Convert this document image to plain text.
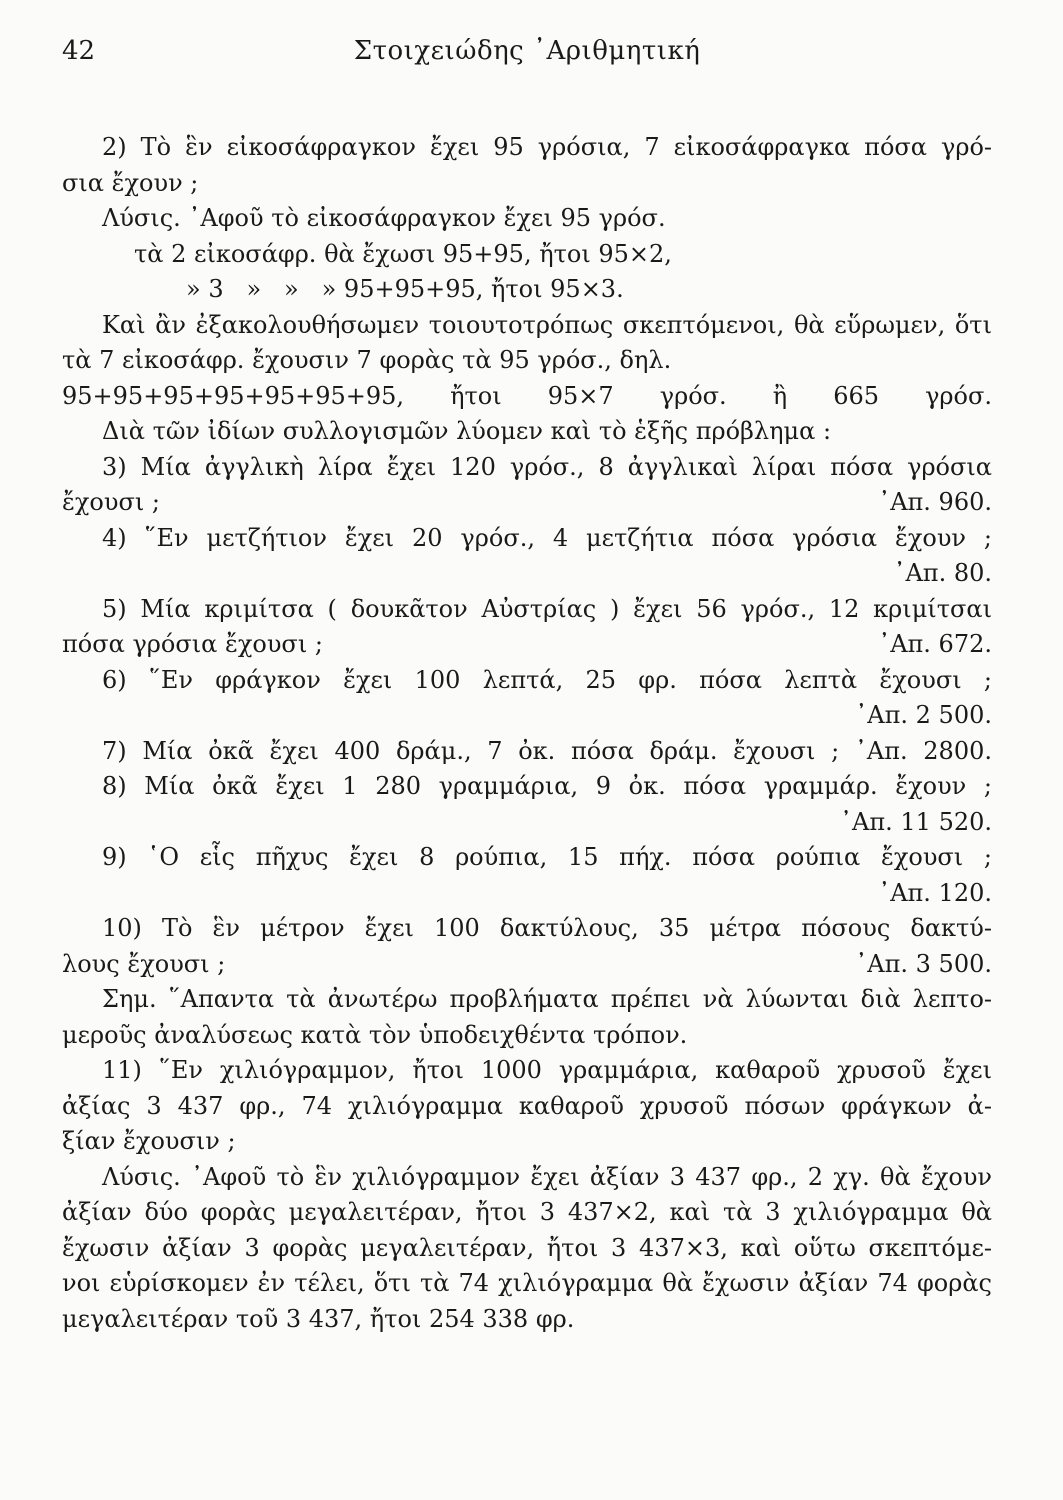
42	Στοιχειώδης ᾿Αριθμητική
2) Τὸ ἓν εἰκοσάφραγκον ἔχει 95 γρόσια, 7 εἰκοσάφραγκα πόσα γρό-
σια ἔχουν ;
Λύσις. ᾿Αφοῦ τὸ εἰκοσάφραγκον ἔχει 95 γρόσ.
τὰ 2 εἰκοσάφρ. θὰ ἔχωσι 95+95, ἤτοι 95×2,
» 3   »   »   » 95+95+95, ἤτοι 95×3.
Καὶ ἂν ἐξακολουθήσωμεν τοιουτοτρόπως σκεπτόμενοι, θὰ εὕρωμεν, ὅτι
τὰ 7 εἰκοσάφρ. ἔχουσιν 7 φορὰς τὰ 95 γρόσ., δηλ.
95+95+95+95+95+95+95, ἤτοι 95×7 γρόσ. ἢ 665 γρόσ.
Διὰ τῶν ἰδίων συλλογισμῶν λύομεν καὶ τὸ ἑξῆς πρόβλημα :
3) Μία ἀγγλικὴ λίρα ἔχει 120 γρόσ., 8 ἀγγλικαὶ λίραι πόσα γρόσια
ἔχουσι ;	᾿Απ. 960.
4) ῞Εν μετζήτιον ἔχει 20 γρόσ., 4 μετζήτια πόσα γρόσια ἔχουν ;
᾿Απ. 80.
5) Μία κριμίτσα ( δουκᾶτον Αὐστρίας ) ἔχει 56 γρόσ., 12 κριμίτσαι
πόσα γρόσια ἔχουσι ;	᾿Απ. 672.
6) ῞Εν φράγκον ἔχει 100 λεπτά, 25 φρ. πόσα λεπτὰ ἔχουσι ;
᾿Απ. 2 500.
7) Μία ὀκᾶ ἔχει 400 δράμ., 7 ὀκ. πόσα δράμ. ἔχουσι ; ᾿Απ. 2800.
8) Μία ὀκᾶ ἔχει 1 280 γραμμάρια, 9 ὀκ. πόσα γραμμάρ. ἔχουν ;
᾿Απ. 11 520.
9) ῾Ο εἷς πῆχυς ἔχει 8 ρούπια, 15 πήχ. πόσα ρούπια ἔχουσι ;
᾿Απ. 120.
10) Τὸ ἓν μέτρον ἔχει 100 δακτύλους, 35 μέτρα πόσους δακτύ-
λους ἔχουσι ;	᾿Απ. 3 500.
Σημ. ῞Απαντα τὰ ἀνωτέρω προβλήματα πρέπει νὰ λύωνται διὰ λεπτο-
μεροῦς ἀναλύσεως κατὰ τὸν ὑποδειχθέντα τρόπον.
11) ῞Εν χιλιόγραμμον, ἤτοι 1000 γραμμάρια, καθαροῦ χρυσοῦ ἔχει
ἀξίας 3 437 φρ., 74 χιλιόγραμμα καθαροῦ χρυσοῦ πόσων φράγκων ἀ-
ξίαν ἔχουσιν ;
Λύσις. ᾿Αφοῦ τὸ ἓν χιλιόγραμμον ἔχει ἀξίαν 3 437 φρ., 2 χγ. θὰ ἔχουν
ἀξίαν δύο φορὰς μεγαλειτέραν, ἤτοι 3 437×2, καὶ τὰ 3 χιλιόγραμμα θὰ
ἔχωσιν ἀξίαν 3 φορὰς μεγαλειτέραν, ἤτοι 3 437×3, καὶ οὕτω σκεπτόμε-
νοι εὑρίσκομεν ἐν τέλει, ὅτι τὰ 74 χιλιόγραμμα θὰ ἔχωσιν ἀξίαν 74 φορὰς
μεγαλειτέραν τοῦ 3 437, ἤτοι 254 338 φρ.
